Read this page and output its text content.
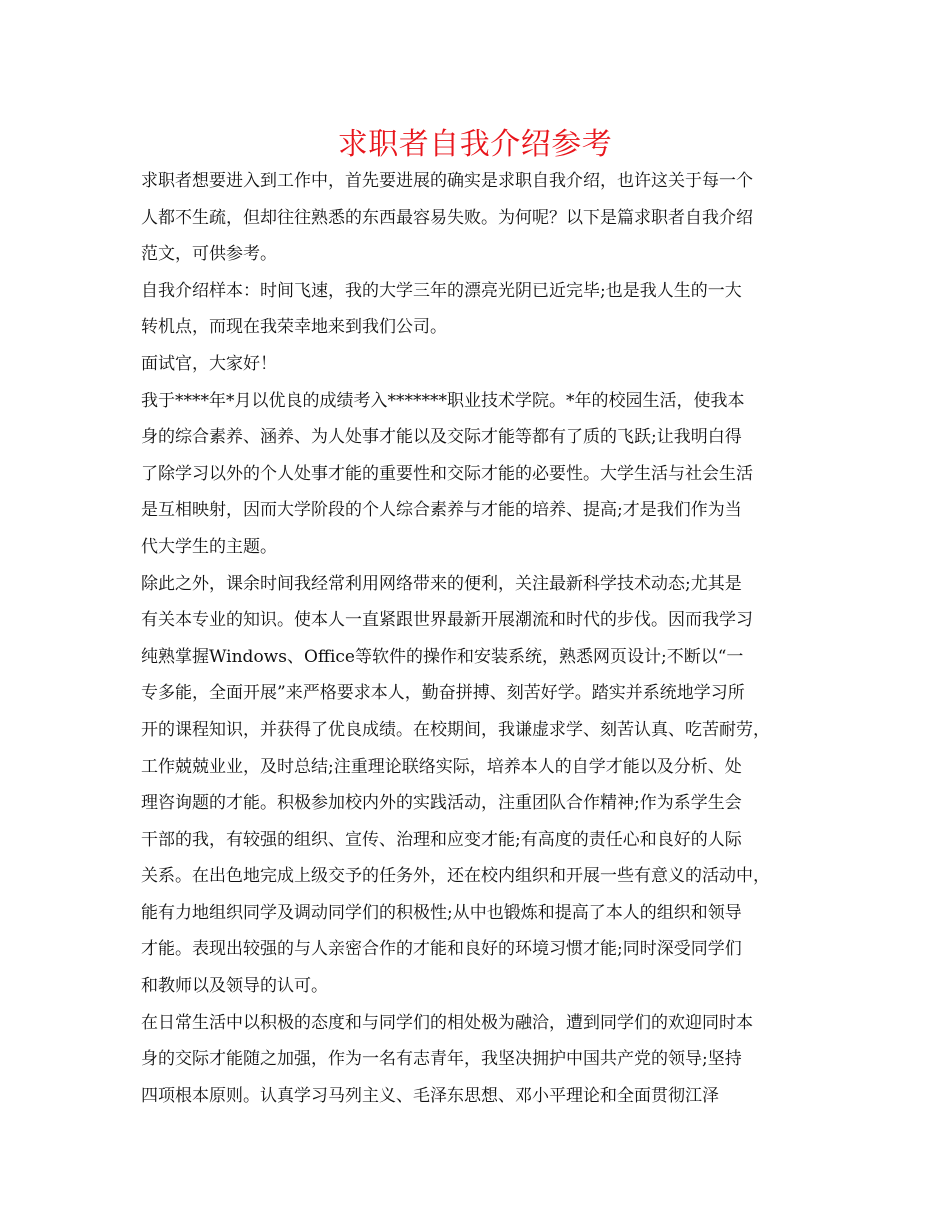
求职者自我介绍参考
求职者想要进入到工作中，首先要进展的确实是求职自我介绍，也许这关于每一个
人都不生疏，但却往往熟悉的东西最容易失败。为何呢？以下是篇求职者自我介绍
范文，可供参考。
自我介绍样本：时间飞速，我的大学三年的漂亮光阴已近完毕;也是我人生的一大
转机点，而现在我荣幸地来到我们公司。
面试官，大家好！
我于****年*月以优良的成绩考入*******职业技术学院。*年的校园生活，使我本
身的综合素养、涵养、为人处事才能以及交际才能等都有了质的飞跃;让我明白得
了除学习以外的个人处事才能的重要性和交际才能的必要性。大学生活与社会生活
是互相映射，因而大学阶段的个人综合素养与才能的培养、提高;才是我们作为当
代大学生的主题。
除此之外，课余时间我经常利用网络带来的便利，关注最新科学技术动态;尤其是
有关本专业的知识。使本人一直紧跟世界最新开展潮流和时代的步伐。因而我学习
纯熟掌握Windows、Office等软件的操作和安装系统，熟悉网页设计;不断以“一
专多能，全面开展”来严格要求本人，勤奋拼搏、刻苦好学。踏实并系统地学习所
开的课程知识，并获得了优良成绩。在校期间，我谦虚求学、刻苦认真、吃苦耐劳，
工作兢兢业业，及时总结;注重理论联络实际，培养本人的自学才能以及分析、处
理咨询题的才能。积极参加校内外的实践活动，注重团队合作精神;作为系学生会
干部的我，有较强的组织、宣传、治理和应变才能;有高度的责任心和良好的人际
关系。在出色地完成上级交予的任务外，还在校内组织和开展一些有意义的活动中，
能有力地组织同学及调动同学们的积极性;从中也锻炼和提高了本人的组织和领导
才能。表现出较强的与人亲密合作的才能和良好的环境习惯才能;同时深受同学们
和教师以及领导的认可。
在日常生活中以积极的态度和与同学们的相处极为融洽，遭到同学们的欢迎同时本
身的交际才能随之加强，作为一名有志青年，我坚决拥护中国共产党的领导;坚持
四项根本原则。认真学习马列主义、毛泽东思想、邓小平理论和全面贯彻江泽
